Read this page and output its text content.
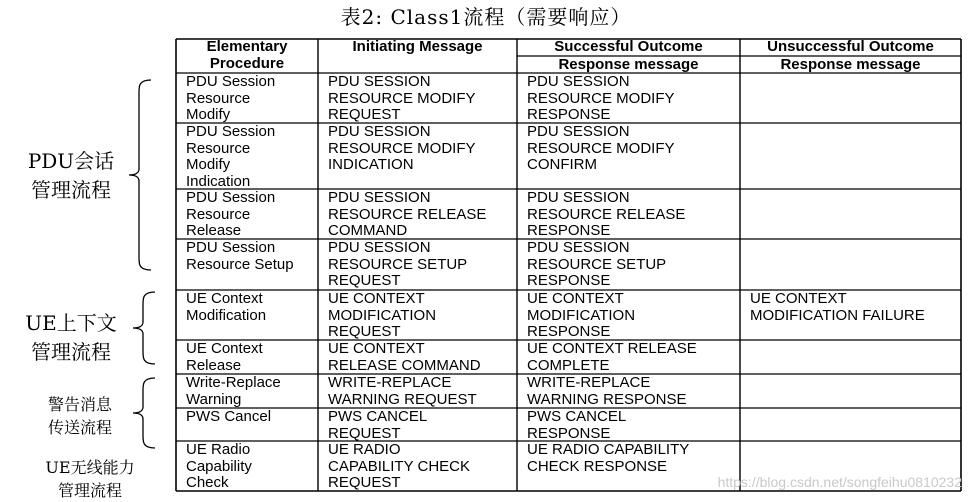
表2: Class1流程（需要响应）
Elementary
Procedure
Initiating Message	Successful Outcome
Response message
Unsuccessful Outcome
Response message
PDU Session
Resource
Modify
PDU SESSION
RESOURCE MODIFY
REQUEST
PDU SESSION
RESOURCE MODIFY
RESPONSE
PDU Session
Resource
Modify
Indication
PDU SESSION
RESOURCE MODIFY
INDICATION
PDU SESSION
RESOURCE MODIFY
CONFIRM
PDU Session
Resource
Release
PDU SESSION
RESOURCE RELEASE
COMMAND
PDU SESSION
RESOURCE RELEASE
RESPONSE
PDU Session
Resource Setup
PDU SESSION
RESOURCE SETUP
REQUEST
PDU SESSION
RESOURCE SETUP
RESPONSE
UE Context
Modification
UE CONTEXT
MODIFICATION
REQUEST
UE CONTEXT
MODIFICATION
RESPONSE
UE CONTEXT
MODIFICATION FAILURE
UE Context
Release
UE CONTEXT
RELEASE COMMAND
UE CONTEXT RELEASE
COMPLETE
Write-Replace
Warning
WRITE-REPLACE
WARNING REQUEST
WRITE-REPLACE
WARNING RESPONSE
PWS Cancel	PWS CANCEL
REQUEST
PWS CANCEL
RESPONSE
UE Radio
Capability
Check
UE RADIO
CAPABILITY CHECK
REQUEST
UE RADIO CAPABILITY
CHECK RESPONSE
https://blog.csdn.net/songfeihu0810232
PDU会话
管理流程
UE上下文
管理流程
警告消息
传送流程
UE无线能力
管理流程
